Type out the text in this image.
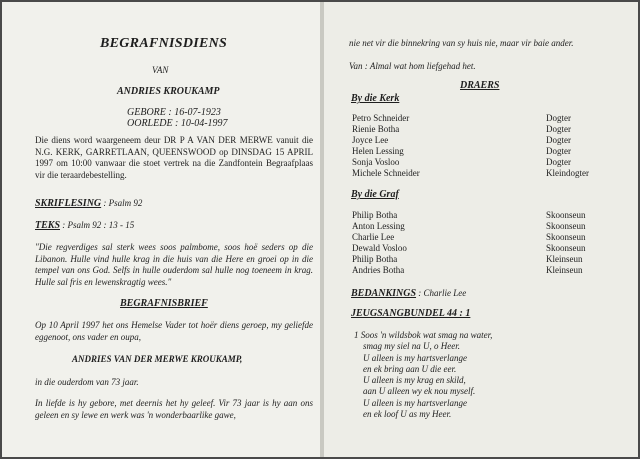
BEGRAFNISDIENS
VAN
ANDRIES KROUKAMP
GEBORE : 16-07-1923
OORLEDE : 10-04-1997
Die diens word waargeneem deur DR P A VAN DER MERWE vanuit die N.G. KERK, GARRETLAAN, QUEENSWOOD op DINSDAG 15 APRIL 1997 om 10:00 vanwaar die stoet vertrek na die Zandfontein Begraafplaas vir die teraardebestelling.
SKRIFLESING : Psalm 92
TEKS : Psalm 92 : 13 - 15
"Die regverdiges sal sterk wees soos palmbome, soos hoë seders op die Libanon. Hulle vind hulle krag in die huis van die Here en groei op in die tempel van ons God. Selfs in hulle ouderdom sal hulle nog toeneem in krag. Hulle sal fris en lewenskragtig wees."
BEGRAFNISBRIEF
Op 10 April 1997 het ons Hemelse Vader tot hoër diens geroep, my geliefde eggenoot, ons vader en oupa,
ANDRIES VAN DER MERWE KROUKAMP,
in die ouderdom van 73 jaar.
In liefde is hy gebore, met deernis het hy geleef. Vir 73 jaar is hy aan ons geleen en sy lewe en werk was 'n wonderbaarlike gawe,
nie net vir die binnekring van sy huis nie, maar vir baie ander.
Van : Almal wat hom liefgehad het.
DRAERS
By die Kerk
Petro Schneider	Dogter
Rienie Botha	Dogter
Joyce Lee	Dogter
Helen Lessing	Dogter
Sonja Vosloo	Dogter
Michele Schneider	Kleindogter
By die Graf
Philip Botha	Skoonseun
Anton Lessing	Skoonseun
Charlie Lee	Skoonseun
Dewald Vosloo	Skoonseun
Philip Botha	Kleinseun
Andries Botha	Kleinseun
BEDANKINGS : Charlie Lee
JEUGSANGBUNDEL 44 : 1
1 Soos 'n wildsbok wat smag na water,
smag my siel na U, o Heer.
U alleen is my hartsverlange
en ek bring aan U die eer.
U alleen is my krag en skild,
aan U alleen wy ek nou myself.
U alleen is my hartsverlange
en ek loof U as my Heer.
